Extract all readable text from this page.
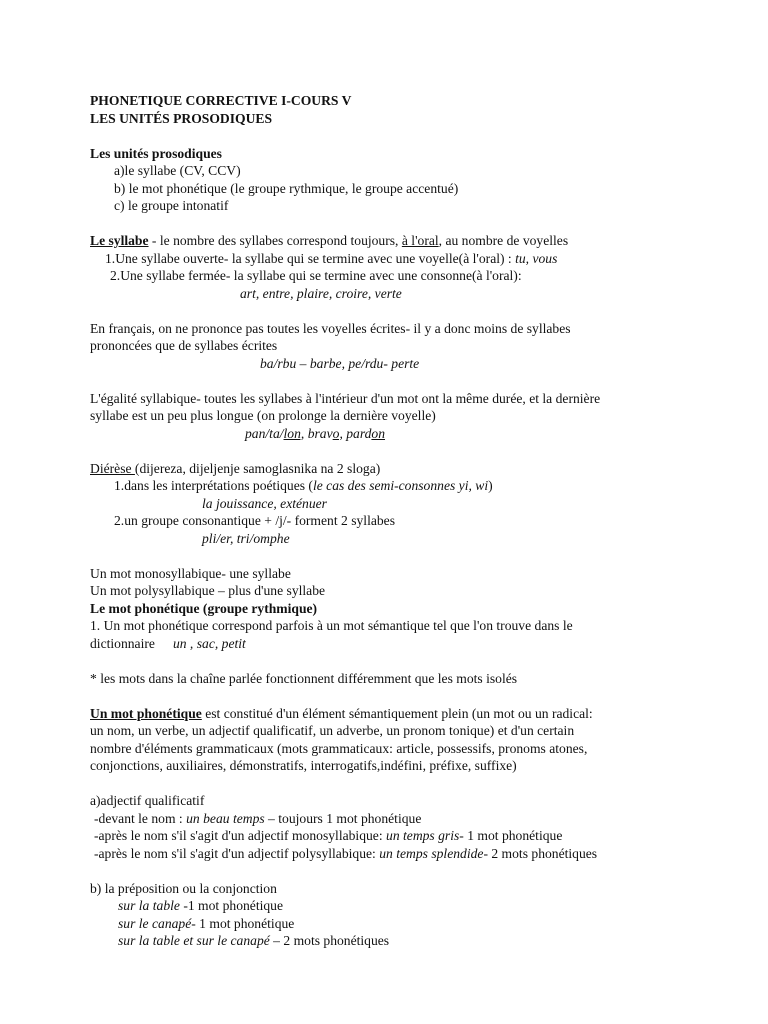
PHONETIQUE CORRECTIVE I-COURS V
LES UNITÉS PROSODIQUES
Les unités prosodiques
a)le syllabe (CV, CCV)
b) le mot phonétique (le groupe rythmique, le groupe accentué)
c) le groupe intonatif
Le syllabe - le nombre des syllabes correspond toujours, à l'oral, au nombre de voyelles
1.Une syllabe ouverte- la syllabe qui se termine avec une voyelle(à l'oral) : tu, vous
2.Une syllabe fermée- la syllabe qui se termine avec une consonne(à l'oral):
art, entre, plaire, croire, verte
En français, on ne prononce pas toutes les voyelles écrites- il y a donc moins de syllabes
prononcées que de syllabes écrites
ba/rbu – barbe, pe/rdu- perte
L'égalité syllabique- toutes les syllabes à l'intérieur d'un mot ont la même durée, et la dernière
syllabe est un peu plus longue (on prolonge la dernière voyelle)
pan/ta/lon, bravo, pardon
Diérèse (dijereza, dijeljenje samoglasnika na 2 sloga)
1.dans les interprétations poétiques (le cas des semi-consonnes yi, wi)
la jouissance, exténuer
2.un groupe consonantique + /j/- forment 2 syllabes
pli/er, tri/omphe
Un mot monosyllabique- une syllabe
Un mot polysyllabique – plus d'une syllabe
Le mot phonétique (groupe rythmique)
1. Un mot phonétique correspond parfois à un mot sémantique tel que l'on trouve dans le
dictionnaire un , sac, petit
* les mots dans la chaîne parlée fonctionnent différemment que les mots isolés
Un mot phonétique est constitué d'un élément sémantiquement plein (un mot ou un radical:
un nom, un verbe, un adjectif qualificatif, un adverbe, un pronom tonique) et d'un certain
nombre d'éléments grammaticaux (mots grammaticaux: article, possessifs, pronoms atones,
conjonctions, auxiliaires, démonstratifs, interrogatifs,indéfini, préfixe, suffixe)
a)adjectif qualificatif
-devant le nom : un beau temps – toujours 1 mot phonétique
-après le nom s'il s'agit d'un adjectif monosyllabique: un temps gris- 1 mot phonétique
-après le nom s'il s'agit d'un adjectif polysyllabique: un temps splendide- 2 mots phonétiques
b) la préposition ou la conjonction
sur la table -1 mot phonétique
sur le canapé- 1 mot phonétique
sur la table et sur le canapé – 2 mots phonétiques
